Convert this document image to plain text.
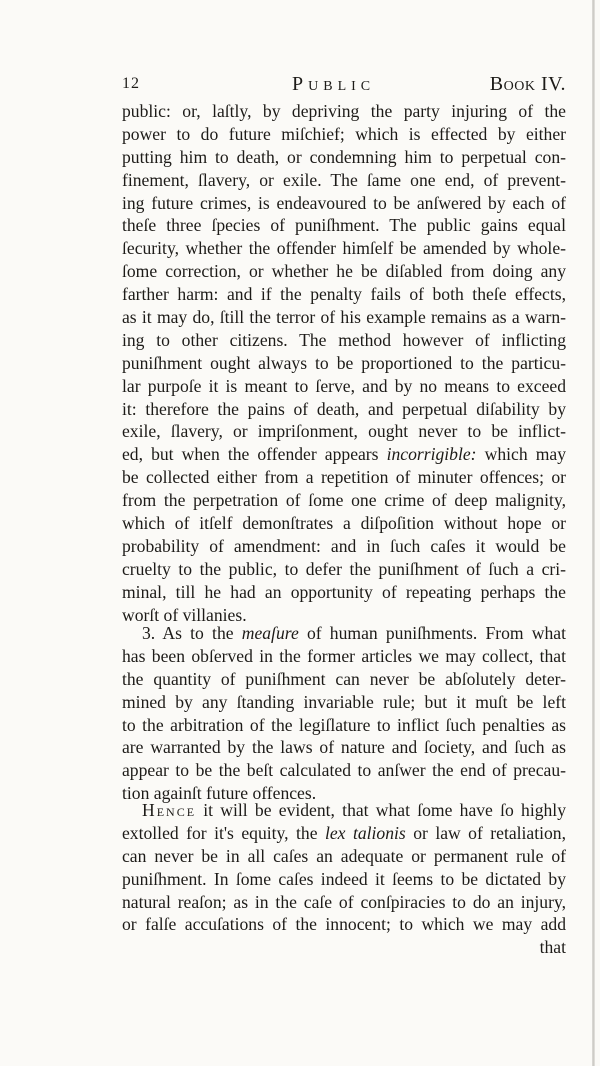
12	Public	Book IV.
public: or, laſtly, by depriving the party injuring of the
power to do future miſchief; which is effected by either
putting him to death, or condemning him to perpetual con-
finement, ſlavery, or exile. The ſame one end, of prevent-
ing future crimes, is endeavoured to be anſwered by each of
theſe three ſpecies of puniſhment. The public gains equal
ſecurity, whether the offender himſelf be amended by whole-
ſome correction, or whether he be diſabled from doing any
farther harm: and if the penalty fails of both theſe effects,
as it may do, ſtill the terror of his example remains as a warn-
ing to other citizens. The method however of inflicting
puniſhment ought always to be proportioned to the particu-
lar purpoſe it is meant to ſerve, and by no means to exceed
it: therefore the pains of death, and perpetual diſability by
exile, ſlavery, or impriſonment, ought never to be inflict-
ed, but when the offender appears incorrigible: which may
be collected either from a repetition of minuter offences; or
from the perpetration of ſome one crime of deep malignity,
which of itſelf demonſtrates a diſpoſition without hope or
probability of amendment: and in ſuch caſes it would be
cruelty to the public, to defer the puniſhment of ſuch a cri-
minal, till he had an opportunity of repeating perhaps the
worſt of villanies.
3. As to the meaſure of human puniſhments. From what
has been obſerved in the former articles we may collect, that
the quantity of puniſhment can never be abſolutely deter-
mined by any ſtanding invariable rule; but it muſt be left
to the arbitration of the legiſlature to inflict ſuch penalties as
are warranted by the laws of nature and ſociety, and ſuch as
appear to be the beſt calculated to anſwer the end of precau-
tion againſt future offences.
Hence it will be evident, that what ſome have ſo highly
extolled for it's equity, the lex talionis or law of retaliation,
can never be in all caſes an adequate or permanent rule of
puniſhment. In ſome caſes indeed it ſeems to be dictated by
natural reaſon; as in the caſe of conſpiracies to do an injury,
or falſe accuſations of the innocent; to which we may add
that
